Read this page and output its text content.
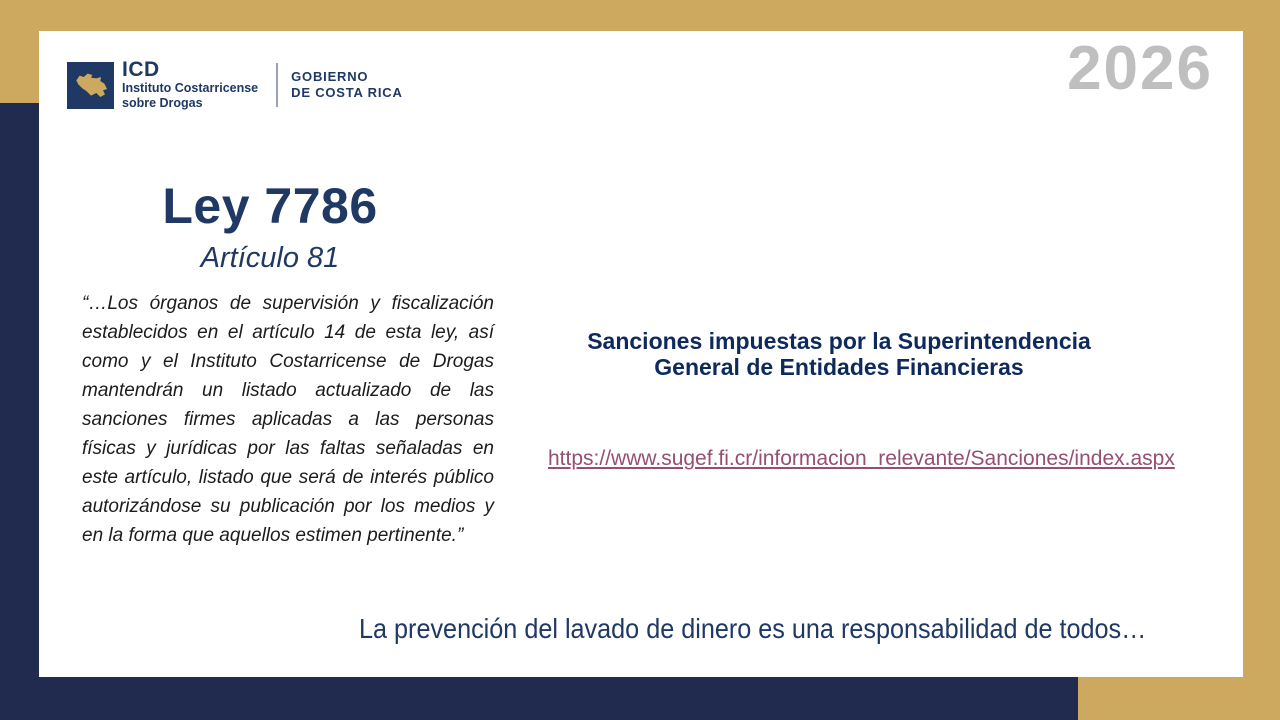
ICD
Instituto Costarricense
sobre Drogas
GOBIERNO
DE COSTA RICA	2026
Ley 7786
Artículo 81
“…Los órganos de supervisión y fiscalización establecidos en el artículo 14 de esta ley, así como y el Instituto Costarricense de Drogas mantendrán un listado actualizado de las sanciones firmes aplicadas a las personas físicas y jurídicas por las faltas señaladas en este artículo, listado que será de interés público autorizándose su publicación por los medios y en la forma que aquellos estimen pertinente.”
Sanciones impuestas por la Superintendencia
General de Entidades Financieras
https://www.sugef.fi.cr/informacion_relevante/Sanciones/index.aspx
La prevención del lavado de dinero es una responsabilidad de todos…
